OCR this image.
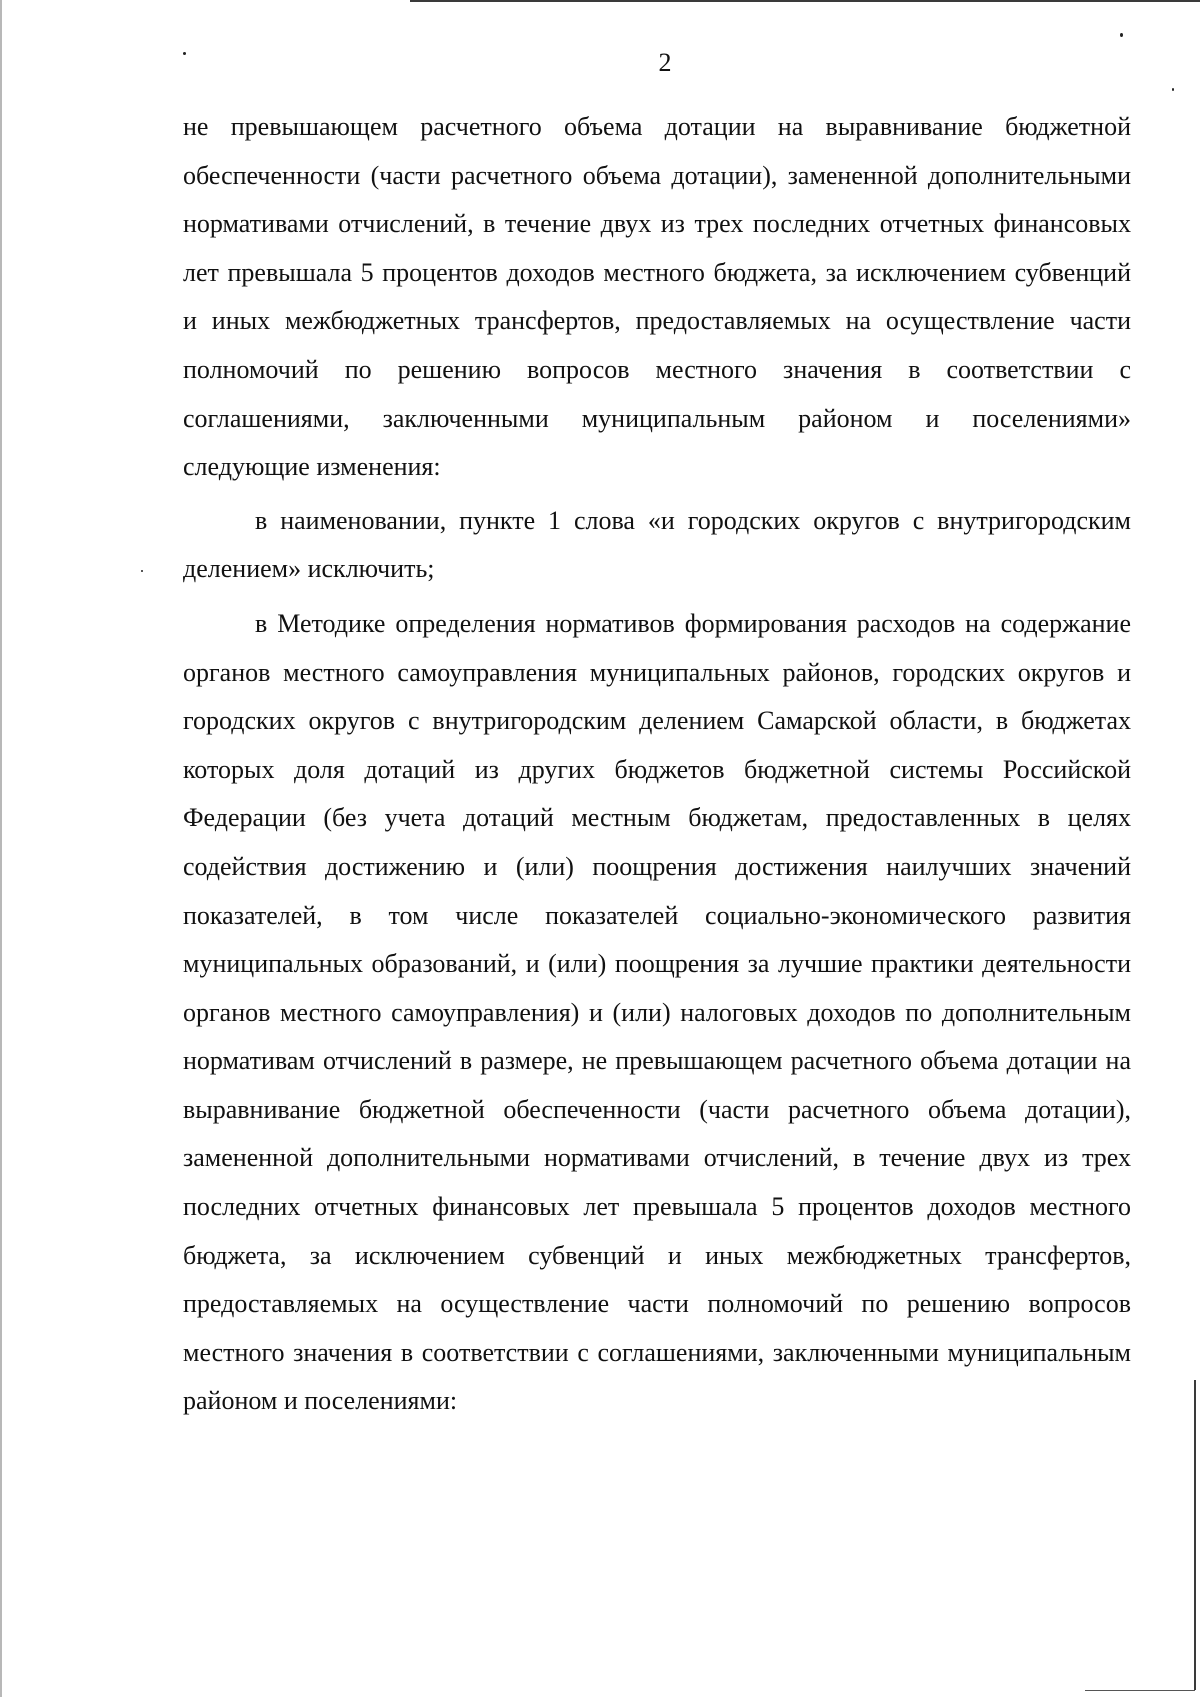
2

не превышающем расчетного объема дотации на выравнивание бюджетной обеспеченности (части расчетного объема дотации), замененной дополнительными нормативами отчислений, в течение двух из трех последних отчетных финансовых лет превышала 5 процентов доходов местного бюджета, за исключением субвенций и иных межбюджетных трансфертов, предоставляемых на осуществление части полномочий по решению вопросов местного значения в соответствии с соглашениями, заключенными муниципальным районом и поселениями» следующие изменения:

в наименовании, пункте 1 слова «и городских округов с внутригородским делением» исключить;

в Методике определения нормативов формирования расходов на содержание органов местного самоуправления муниципальных районов, городских округов и городских округов с внутригородским делением Самарской области, в бюджетах которых доля дотаций из других бюджетов бюджетной системы Российской Федерации (без учета дотаций местным бюджетам, предоставленных в целях содействия достижению и (или) поощрения достижения наилучших значений показателей, в том числе показателей социально-экономического развития муниципальных образований, и (или) поощрения за лучшие практики деятельности органов местного самоуправления) и (или) налоговых доходов по дополнительным нормативам отчислений в размере, не превышающем расчетного объема дотации на выравнивание бюджетной обеспеченности (части расчетного объема дотации), замененной дополнительными нормативами отчислений, в течение двух из трех последних отчетных финансовых лет превышала 5 процентов доходов местного бюджета, за исключением субвенций и иных межбюджетных трансфертов, предоставляемых на осуществление части полномочий по решению вопросов местного значения в соответствии с соглашениями, заключенными муниципальным районом и поселениями:
